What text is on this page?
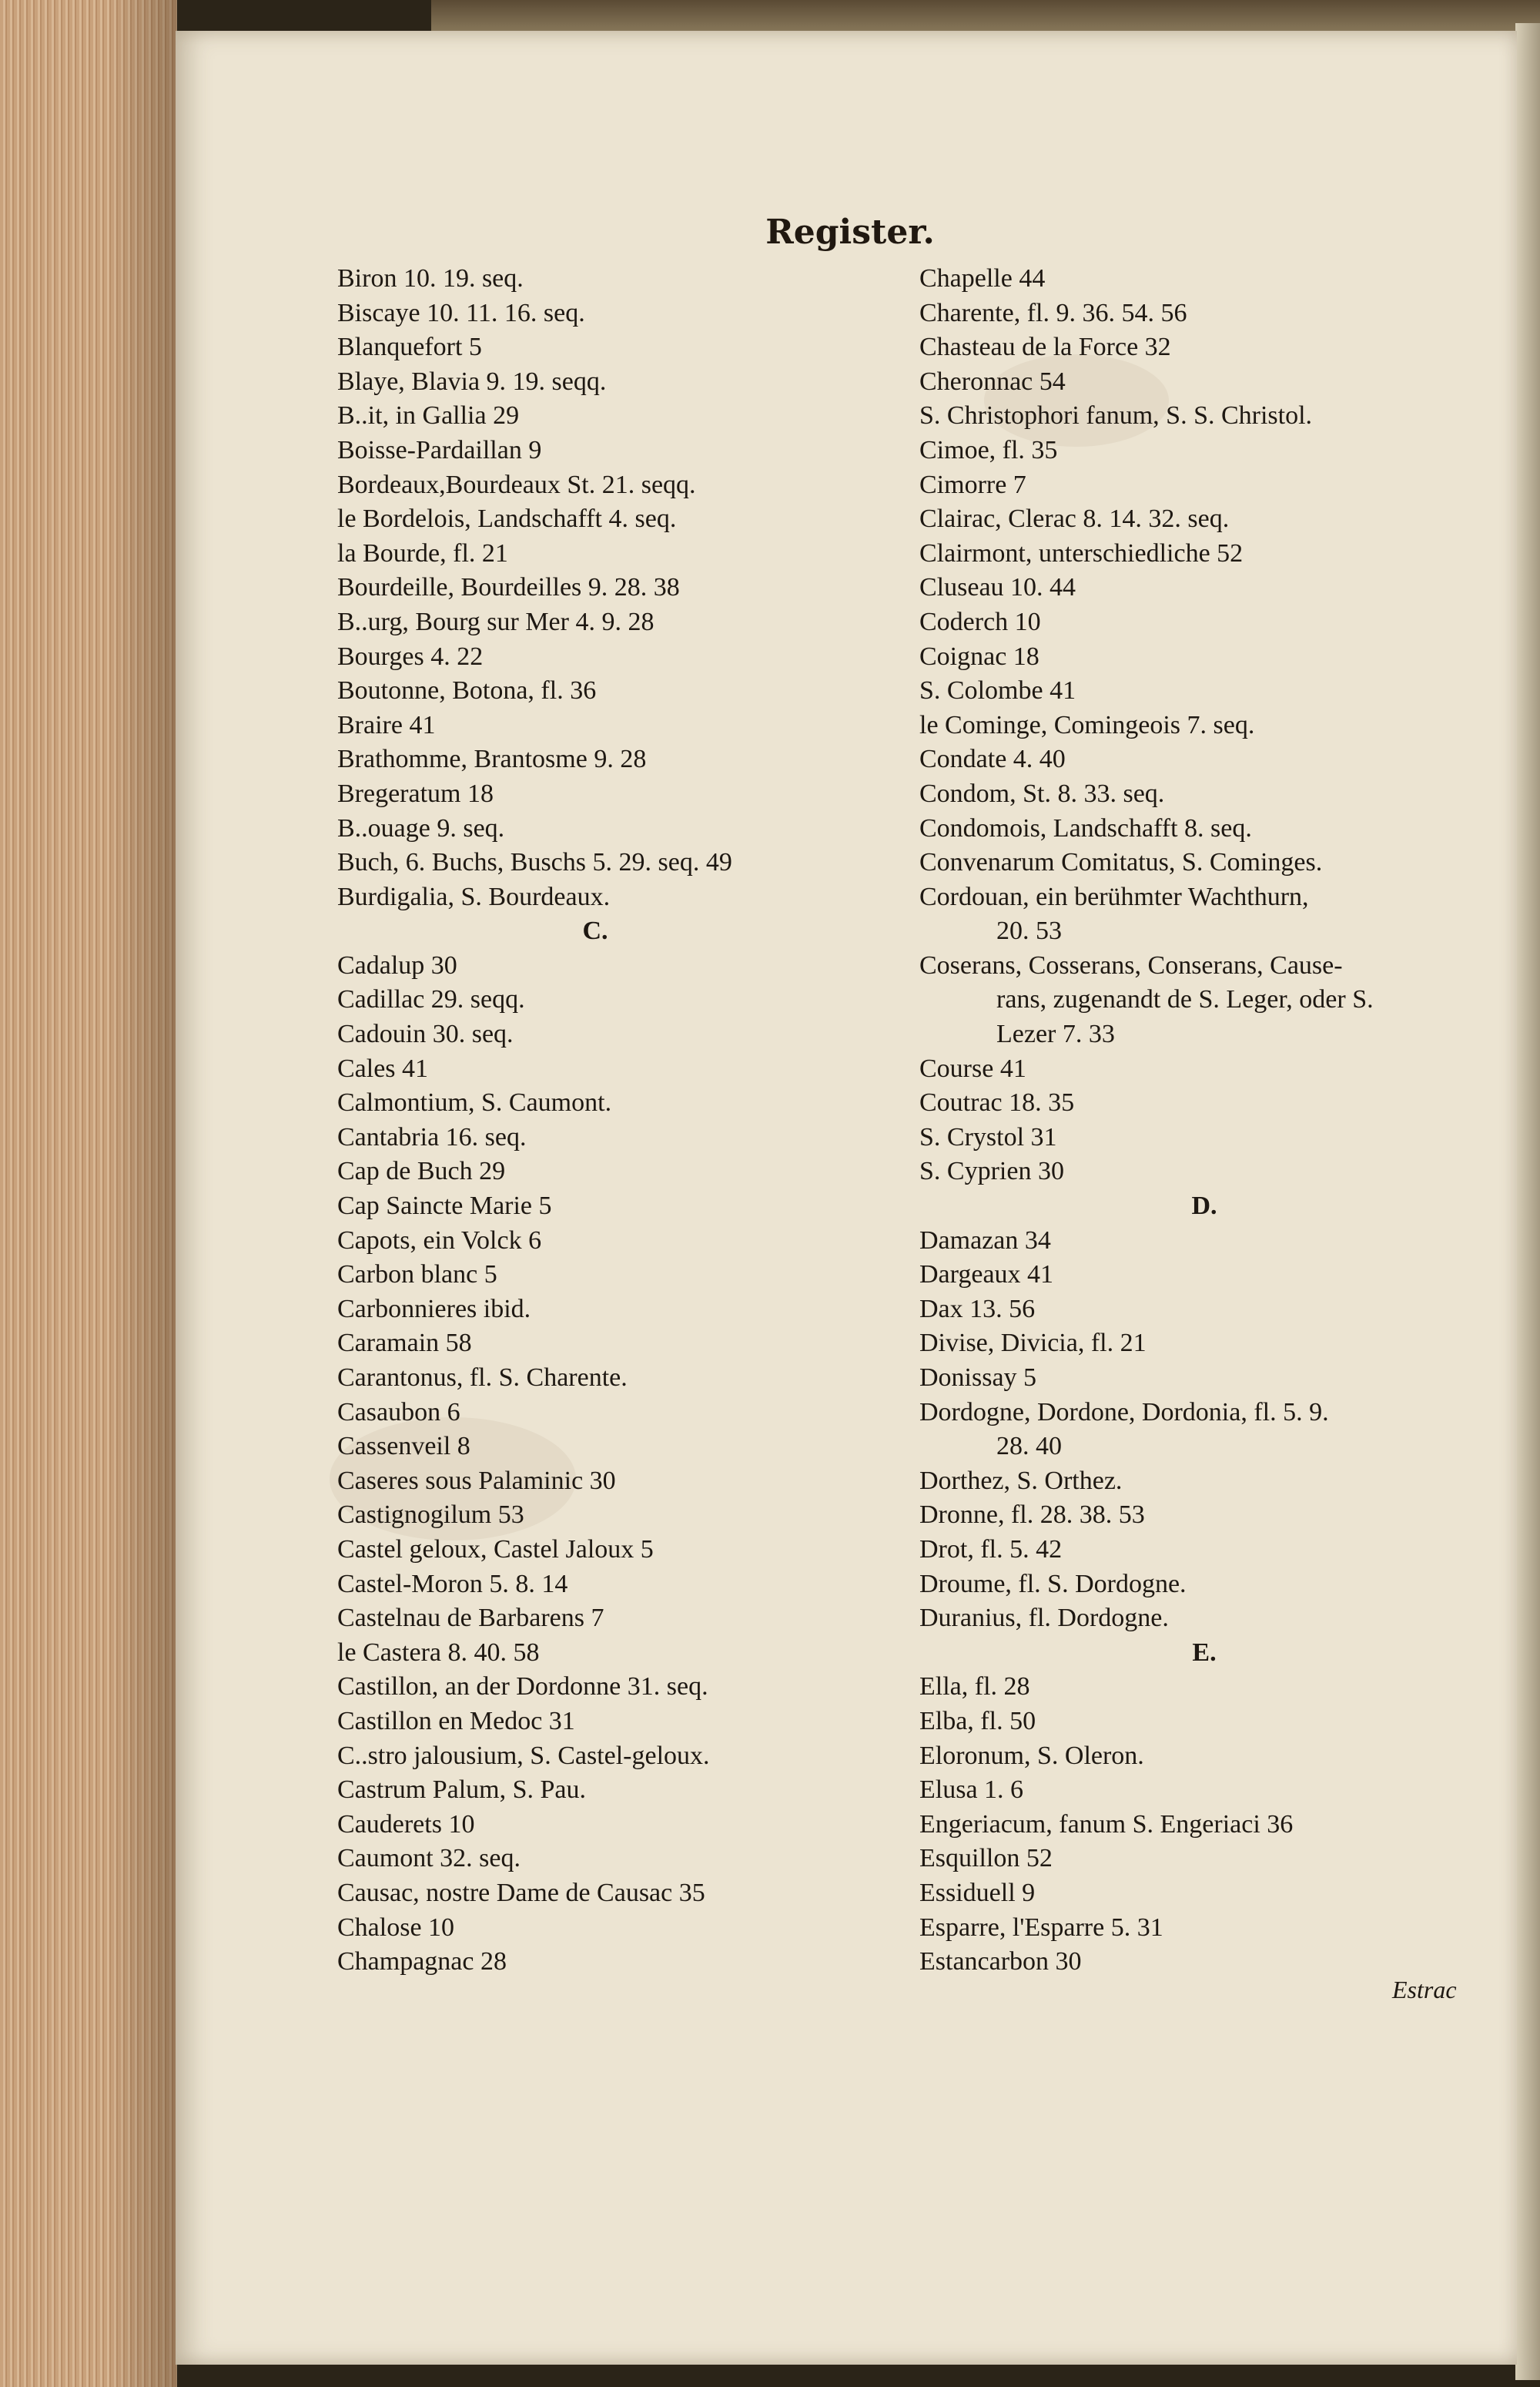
Register.
Biron 10. 19. seq.
Biscaye 10. 11. 16. seq.
Blanquefort 5
Blaye, Blavia 9. 19. seqq.
B..it, in Gallia 29
Boisse-Pardaillan 9
Bordeaux,Bourdeaux St. 21. seqq.
le Bordelois, Landschafft 4. seq.
la Bourde, fl. 21
Bourdeille, Bourdeilles 9. 28. 38
B..urg, Bourg sur Mer 4. 9. 28
Bourges 4. 22
Boutonne, Botona, fl. 36
Braire 41
Brathomme, Brantosme 9. 28
Bregeratum 18
B..ouage 9. seq.
Buch, 6. Buchs, Buschs 5. 29. seq. 49
Burdigalia, S. Bourdeaux.
C.
Cadalup 30
Cadillac 29. seqq.
Cadouin 30. seq.
Cales 41
Calmontium, S. Caumont.
Cantabria 16. seq.
Cap de Buch 29
Cap Saincte Marie 5
Capots, ein Volck 6
Carbon blanc 5
Carbonnieres ibid.
Caramain 58
Carantonus, fl. S. Charente.
Casaubon 6
Cassenveil 8
Caseres sous Palaminic 30
Castignogilum 53
Castel geloux, Castel Jaloux 5
Castel-Moron 5. 8. 14
Castelnau de Barbarens 7
le Castera 8. 40. 58
Castillon, an der Dordonne 31. seq.
Castillon en Medoc 31
C..stro jalousium, S. Castel-geloux.
Castrum Palum, S. Pau.
Cauderets 10
Caumont 32. seq.
Causac, nostre Dame de Causac 35
Chalose 10
Champagnac 28
Chapelle 44
Charente, fl. 9. 36. 54. 56
Chasteau de la Force 32
Cheronnac 54
S. Christophori fanum, S. S. Christol.
Cimoe, fl. 35
Cimorre 7
Clairac, Clerac 8. 14. 32. seq.
Clairmont, unterschiedliche 52
Cluseau 10. 44
Coderch 10
Coignac 18
S. Colombe 41
le Cominge, Comingeois 7. seq.
Condate 4. 40
Condom, St. 8. 33. seq.
Condomois, Landschafft 8. seq.
Convenarum Comitatus, S. Cominges.
Cordouan, ein berühmter Wachthurn,
20. 53
Coserans, Cosserans, Conserans, Cause-
rans, zugenandt de S. Leger, oder S.
Lezer 7. 33
Course 41
Coutrac 18. 35
S. Crystol 31
S. Cyprien 30
D.
Damazan 34
Dargeaux 41
Dax 13. 56
Divise, Divicia, fl. 21
Donissay 5
Dordogne, Dordone, Dordonia, fl. 5. 9.
28. 40
Dorthez, S. Orthez.
Dronne, fl. 28. 38. 53
Drot, fl. 5. 42
Droume, fl. S. Dordogne.
Duranius, fl. Dordogne.
E.
Ella, fl. 28
Elba, fl. 50
Eloronum, S. Oleron.
Elusa 1. 6
Engeriacum, fanum S. Engeriaci 36
Esquillon 52
Essiduell 9
Esparre, l'Esparre 5. 31
Estancarbon 30
Estrac
